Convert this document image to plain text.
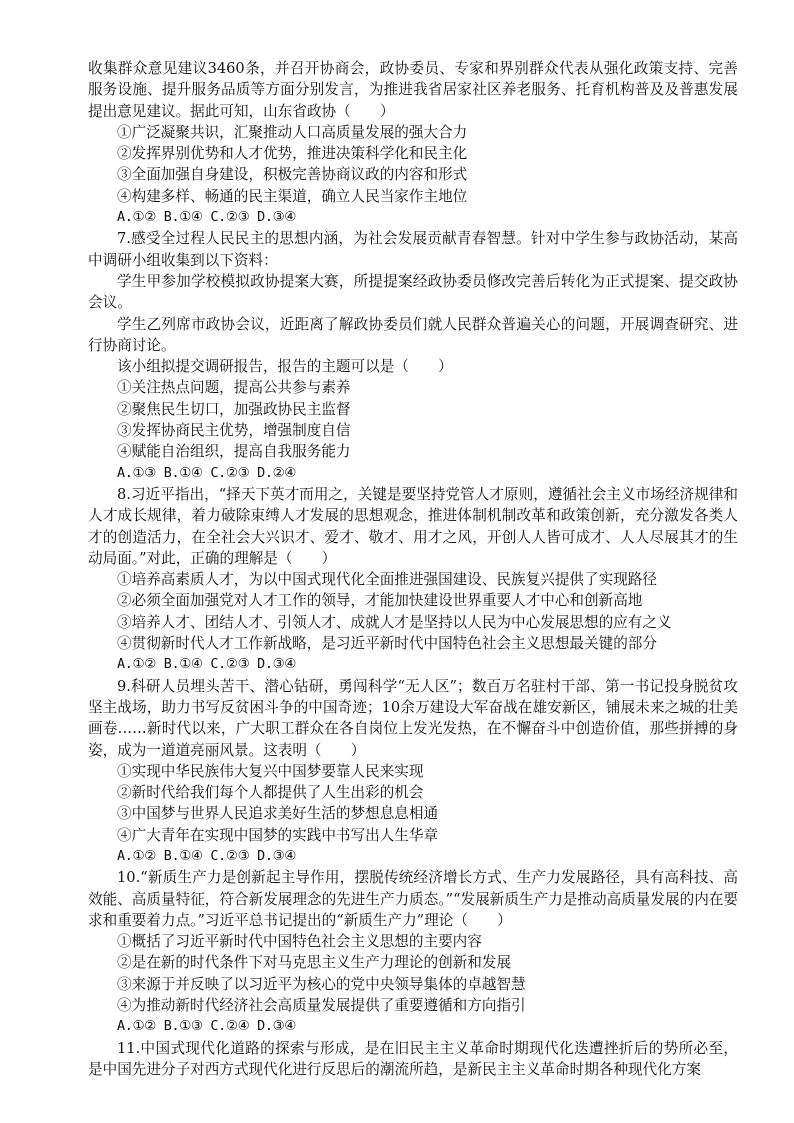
收集群众意见建议3460条，并召开协商会，政协委员、专家和界别群众代表从强化政策支持、完善服务设施、提升服务品质等方面分别发言，为推进我省居家社区养老服务、托育机构普及及普惠发展提出意见建议。据此可知，山东省政协（　　）

①广泛凝聚共识，汇聚推动人口高质量发展的强大合力

②发挥界别优势和人才优势，推进决策科学化和民主化

③全面加强自身建设，积极完善协商议政的内容和形式

④构建多样、畅通的民主渠道，确立人民当家作主地位

A.①② B.①④ C.②③ D.③④

7.感受全过程人民民主的思想内涵，为社会发展贡献青春智慧。针对中学生参与政协活动，某高中调研小组收集到以下资料：

学生甲参加学校模拟政协提案大赛，所提提案经政协委员修改完善后转化为正式提案、提交政协会议。

学生乙列席市政协会议，近距离了解政协委员们就人民群众普遍关心的问题，开展调查研究、进行协商讨论。

该小组拟提交调研报告，报告的主题可以是（　　）

①关注热点问题，提高公共参与素养

②聚焦民生切口，加强政协民主监督

③发挥协商民主优势，增强制度自信

④赋能自治组织，提高自我服务能力

A.①③ B.①④ C.②③ D.②④

8.习近平指出，“择天下英才而用之，关键是要坚持党管人才原则，遵循社会主义市场经济规律和人才成长规律，着力破除束缚人才发展的思想观念，推进体制机制改革和政策创新，充分激发各类人才的创造活力，在全社会大兴识才、爱才、敬才、用才之风，开创人人皆可成才、人人尽展其才的生动局面。”对此，正确的理解是（　　）

①培养高素质人才，为以中国式现代化全面推进强国建设、民族复兴提供了实现路径

②必须全面加强党对人才工作的领导，才能加快建设世界重要人才中心和创新高地

③培养人才、团结人才、引领人才、成就人才是坚持以人民为中心发展思想的应有之义

④贯彻新时代人才工作新战略，是习近平新时代中国特色社会主义思想最关键的部分

A.①② B.①④ C.②③ D.③④

9.科研人员埋头苦干、潜心钻研，勇闯科学“无人区”；数百万名驻村干部、第一书记投身脱贫攻坚主战场，助力书写反贫困斗争的中国奇迹；10余万建设大军奋战在雄安新区，铺展未来之城的壮美画卷……新时代以来，广大职工群众在各自岗位上发光发热，在不懈奋斗中创造价值，那些拼搏的身姿，成为一道道亮丽风景。这表明（　　）

①实现中华民族伟大复兴中国梦要靠人民来实现

②新时代给我们每个人都提供了人生出彩的机会

③中国梦与世界人民追求美好生活的梦想息息相通

④广大青年在实现中国梦的实践中书写出人生华章

A.①② B.①④ C.②③ D.③④

10.“新质生产力是创新起主导作用，摆脱传统经济增长方式、生产力发展路径，具有高科技、高效能、高质量特征，符合新发展理念的先进生产力质态。”“发展新质生产力是推动高质量发展的内在要求和重要着力点。”习近平总书记提出的“新质生产力”理论（　　）

①概括了习近平新时代中国特色社会主义思想的主要内容

②是在新的时代条件下对马克思主义生产力理论的创新和发展

③来源于并反映了以习近平为核心的党中央领导集体的卓越智慧

④为推动新时代经济社会高质量发展提供了重要遵循和方向指引

A.①② B.①③ C.②④ D.③④

11.中国式现代化道路的探索与形成，是在旧民主主义革命时期现代化迭遭挫折后的势所必至，是中国先进分子对西方式现代化进行反思后的潮流所趋，是新民主主义革命时期各种现代化方案
